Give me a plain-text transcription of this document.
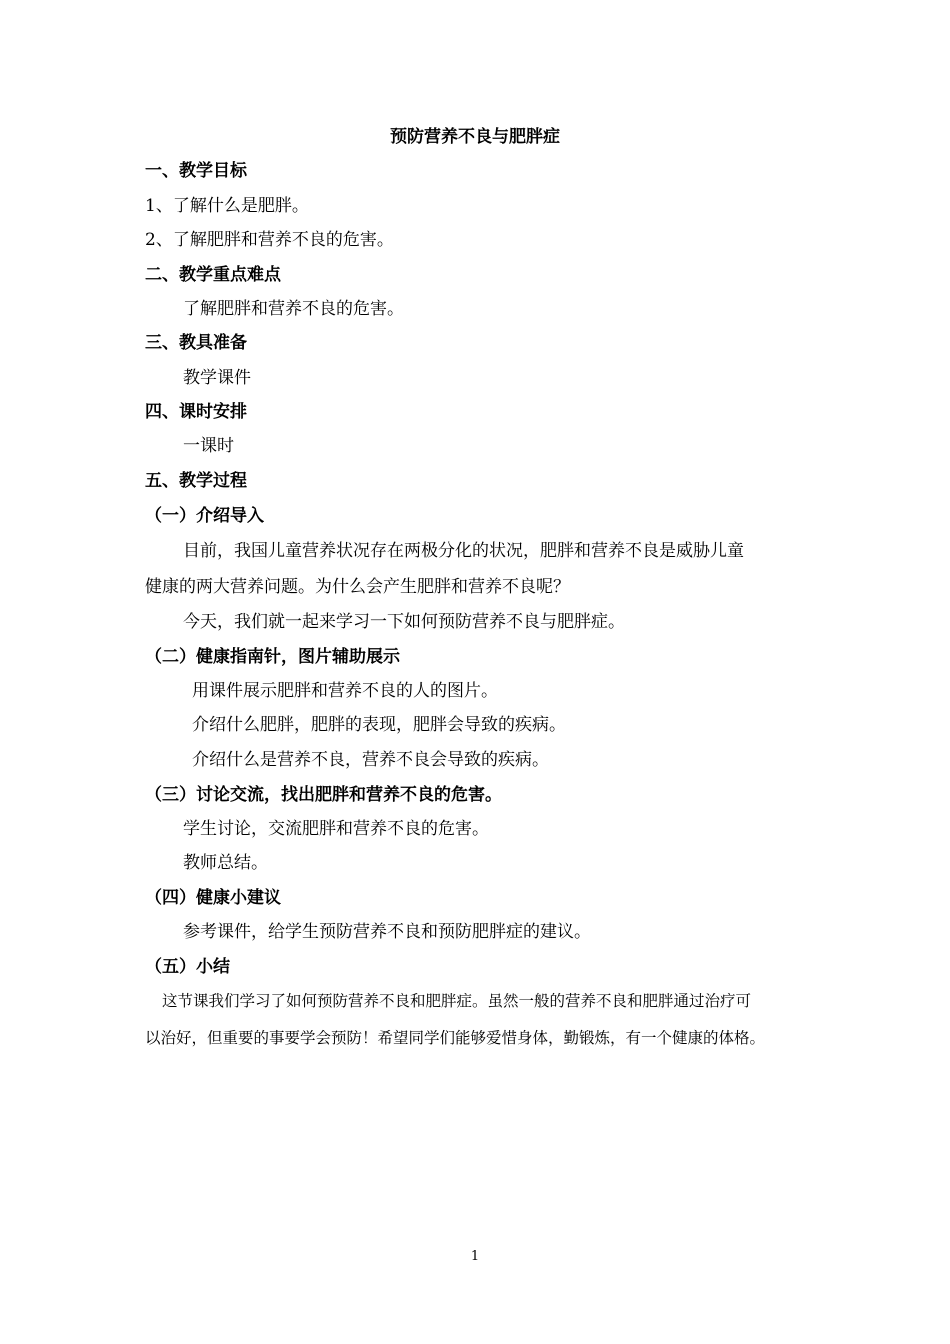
预防营养不良与肥胖症
一、教学目标
1、了解什么是肥胖。
2、了解肥胖和营养不良的危害。
二、教学重点难点
了解肥胖和营养不良的危害。
三、教具准备
教学课件
四、课时安排
一课时
五、教学过程
（一）介绍导入
目前，我国儿童营养状况存在两极分化的状况，肥胖和营养不良是威胁儿童
健康的两大营养问题。为什么会产生肥胖和营养不良呢？
今天，我们就一起来学习一下如何预防营养不良与肥胖症。
（二）健康指南针，图片辅助展示
用课件展示肥胖和营养不良的人的图片。
介绍什么肥胖，肥胖的表现，肥胖会导致的疾病。
介绍什么是营养不良，营养不良会导致的疾病。
（三）讨论交流，找出肥胖和营养不良的危害。
学生讨论，交流肥胖和营养不良的危害。
教师总结。
（四）健康小建议
参考课件，给学生预防营养不良和预防肥胖症的建议。
（五）小结
这节课我们学习了如何预防营养不良和肥胖症。虽然一般的营养不良和肥胖通过治疗可
以治好，但重要的事要学会预防！希望同学们能够爱惜身体，勤锻炼，有一个健康的体格。
1
